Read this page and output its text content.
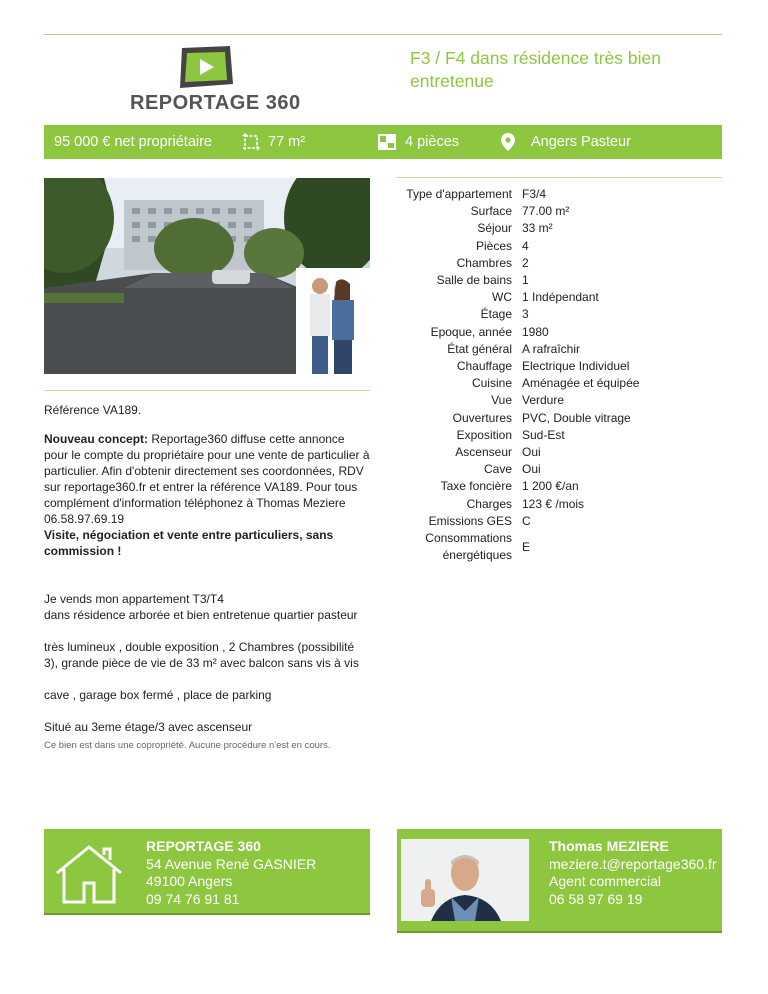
REPORTAGE 360
F3 / F4 dans résidence très bien entretenue
95 000 € net propriétaire	77 m²	4 pièces	Angers Pasteur

Référence VA189.

Nouveau concept: Reportage360 diffuse cette annonce pour le compte du propriétaire pour une vente de particulier à particulier. Afin d'obtenir directement ses coordonnées, RDV sur reportage360.fr et entrer la référence VA189. Pour tous complément d'information téléphonez à Thomas Meziere 06.58.97.69.19

Visite, négociation et vente entre particuliers, sans commission !

Je vends mon appartement T3/T4

dans résidence arborée et bien entretenue quartier pasteur

très lumineux , double exposition , 2 Chambres (possibilité 3), grande pièce de vie de 33 m² avec balcon sans vis à vis

cave , garage box fermé , place de parking

Situé au 3eme étage/3 avec ascenseur

Ce bien est dans une copropriété. Aucune procédure n'est en cours.

Type d'appartement	F3/4
Surface	77.00 m²
Séjour	33 m²
Pièces	4
Chambres	2
Salle de bains	1
WC	1 Indépendant
Étage	3
Epoque, année	1980
État général	A rafraîchir
Chauffage	Electrique Individuel
Cuisine	Aménagée et équipée
Vue	Verdure
Ouvertures	PVC, Double vitrage
Exposition	Sud-Est
Ascenseur	Oui
Cave	Oui
Taxe foncière	1 200 €/an
Charges	123 € /mois
Emissions GES	C
Consommations énergétiques	E
REPORTAGE 360
54 Avenue René GASNIER
49100 Angers
09 74 76 91 81
Thomas MEZIERE
meziere.t@reportage360.fr
Agent commercial
06 58 97 69 19
